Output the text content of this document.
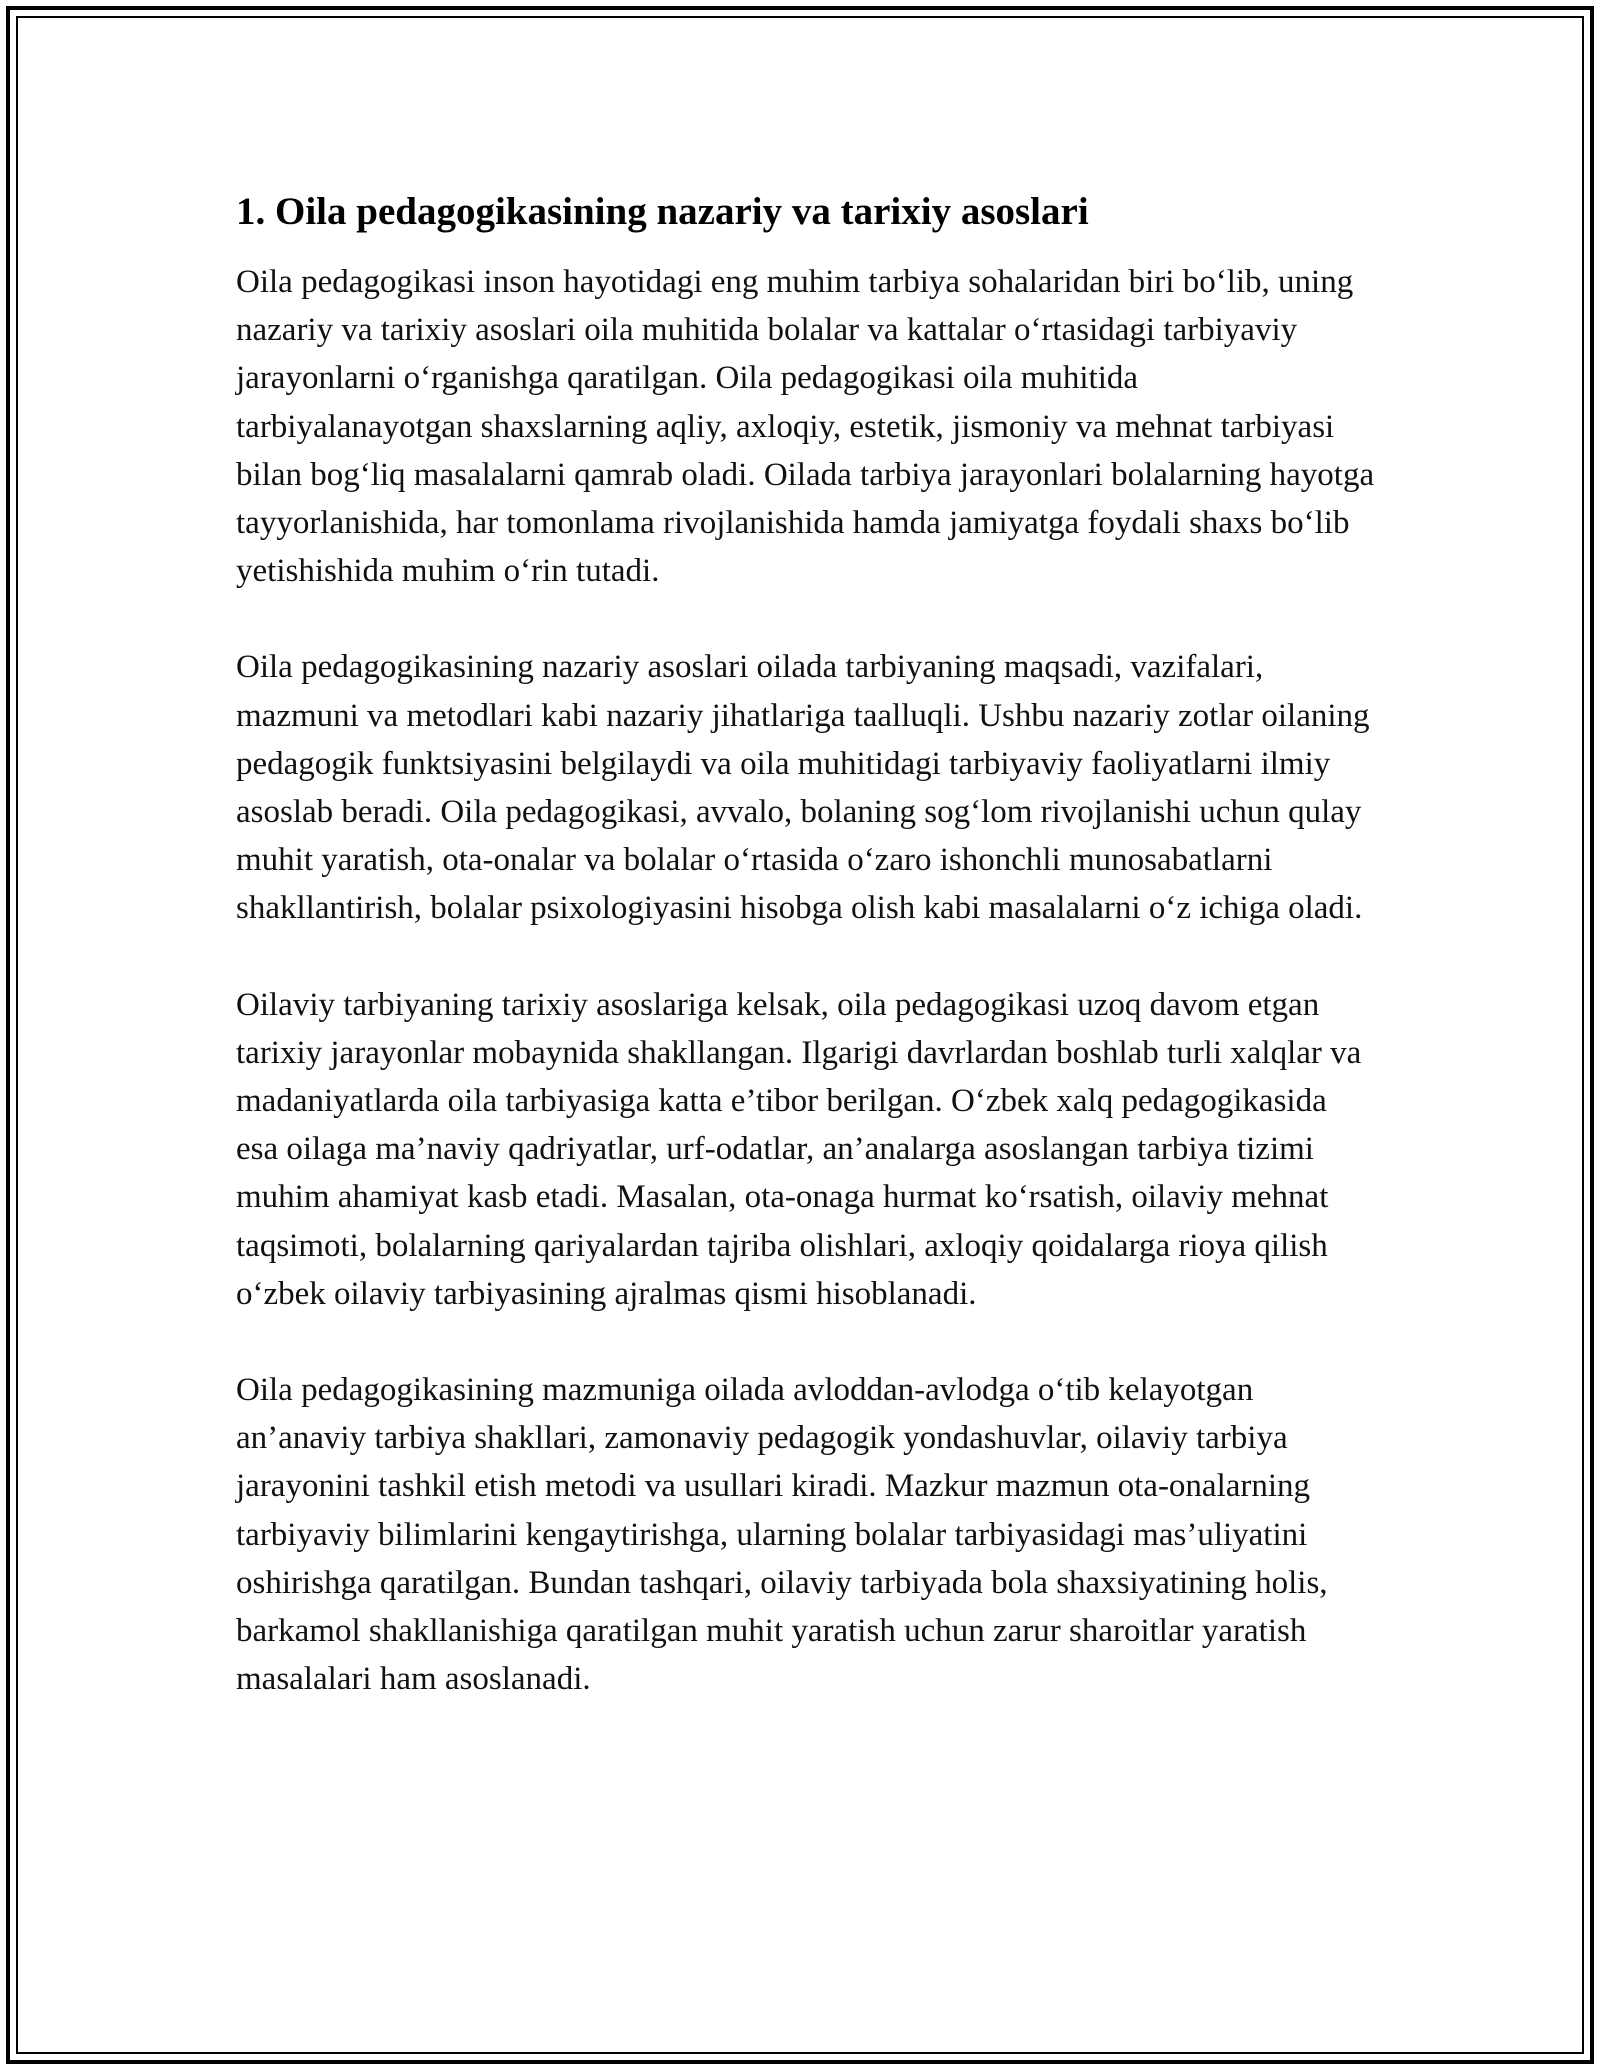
1. Oila pedagogikasining nazariy va tarixiy asoslari

Oila pedagogikasi inson hayotidagi eng muhim tarbiya sohalaridan biri bo‘lib, uning nazariy va tarixiy asoslari oila muhitida bolalar va kattalar o‘rtasidagi tarbiyaviy jarayonlarni o‘rganishga qaratilgan. Oila pedagogikasi oila muhitida tarbiyalanayotgan shaxslarning aqliy, axloqiy, estetik, jismoniy va mehnat tarbiyasi bilan bog‘liq masalalarni qamrab oladi. Oilada tarbiya jarayonlari bolalarning hayotga tayyorlanishida, har tomonlama rivojlanishida hamda jamiyatga foydali shaxs bo‘lib yetishishida muhim o‘rin tutadi.

Oila pedagogikasining nazariy asoslari oilada tarbiyaning maqsadi, vazifalari, mazmuni va metodlari kabi nazariy jihatlariga taalluqli. Ushbu nazariy zotlar oilaning pedagogik funktsiyasini belgilaydi va oila muhitidagi tarbiyaviy faoliyatlarni ilmiy asoslab beradi. Oila pedagogikasi, avvalo, bolaning sog‘lom rivojlanishi uchun qulay muhit yaratish, ota-onalar va bolalar o‘rtasida o‘zaro ishonchli munosabatlarni shakllantirish, bolalar psixologiyasini hisobga olish kabi masalalarni o‘z ichiga oladi.

Oilaviy tarbiyaning tarixiy asoslariga kelsak, oila pedagogikasi uzoq davom etgan tarixiy jarayonlar mobaynida shakllangan. Ilgarigi davrlardan boshlab turli xalqlar va madaniyatlarda oila tarbiyasiga katta e’tibor berilgan. O‘zbek xalq pedagogikasida esa oilaga ma’naviy qadriyatlar, urf-odatlar, an’analarga asoslangan tarbiya tizimi muhim ahamiyat kasb etadi. Masalan, ota-onaga hurmat ko‘rsatish, oilaviy mehnat taqsimoti, bolalarning qariyalardan tajriba olishlari, axloqiy qoidalarga rioya qilish o‘zbek oilaviy tarbiyasining ajralmas qismi hisoblanadi.

Oila pedagogikasining mazmuniga oilada avloddan-avlodga o‘tib kelayotgan an’anaviy tarbiya shakllari, zamonaviy pedagogik yondashuvlar, oilaviy tarbiya jarayonini tashkil etish metodi va usullari kiradi. Mazkur mazmun ota-onalarning tarbiyaviy bilimlarini kengaytirishga, ularning bolalar tarbiyasidagi mas’uliyatini oshirishga qaratilgan. Bundan tashqari, oilaviy tarbiyada bola shaxsiyatining holis, barkamol shakllanishiga qaratilgan muhit yaratish uchun zarur sharoitlar yaratish masalalari ham asoslanadi.
